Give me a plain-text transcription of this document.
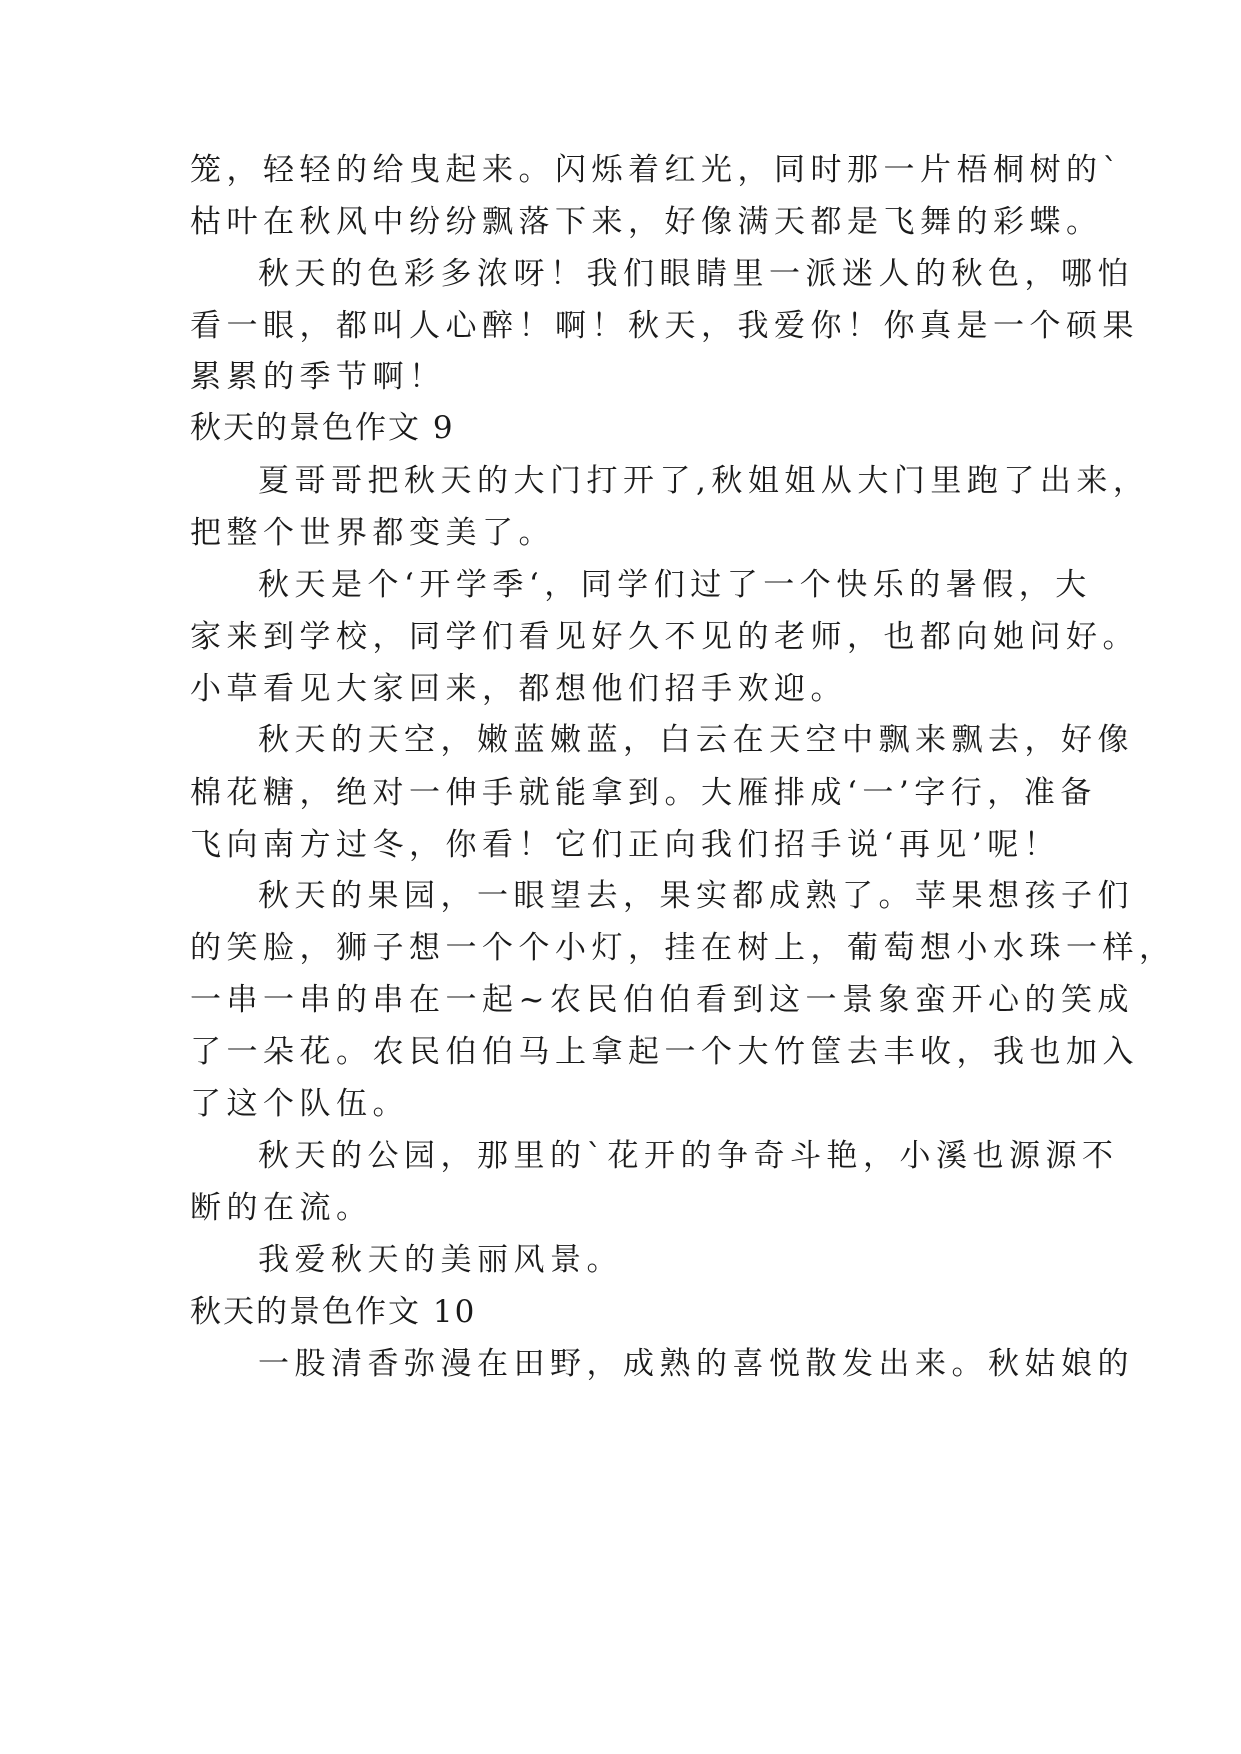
笼，轻轻的给曳起来。闪烁着红光，同时那一片梧桐树的`
枯叶在秋风中纷纷飘落下来，好像满天都是飞舞的彩蝶。
秋天的色彩多浓呀！我们眼睛里一派迷人的秋色，哪怕
看一眼，都叫人心醉！啊！秋天，我爱你！你真是一个硕果
累累的季节啊！
秋天的景色作文 9
夏哥哥把秋天的大门打开了,秋姐姐从大门里跑了出来，
把整个世界都变美了。
秋天是个‘开学季‘，同学们过了一个快乐的暑假，大
家来到学校，同学们看见好久不见的老师，也都向她问好。
小草看见大家回来，都想他们招手欢迎。
秋天的天空，嫩蓝嫩蓝，白云在天空中飘来飘去，好像
棉花糖，绝对一伸手就能拿到。大雁排成‘一’字行，准备
飞向南方过冬，你看！它们正向我们招手说‘再见’呢！
秋天的果园，一眼望去，果实都成熟了。苹果想孩子们
的笑脸，狮子想一个个小灯，挂在树上，葡萄想小水珠一样，
一串一串的串在一起~农民伯伯看到这一景象蛮开心的笑成
了一朵花。农民伯伯马上拿起一个大竹筐去丰收，我也加入
了这个队伍。
秋天的公园，那里的`花开的争奇斗艳，小溪也源源不
断的在流。
我爱秋天的美丽风景。
秋天的景色作文 10
一股清香弥漫在田野，成熟的喜悦散发出来。秋姑娘的
